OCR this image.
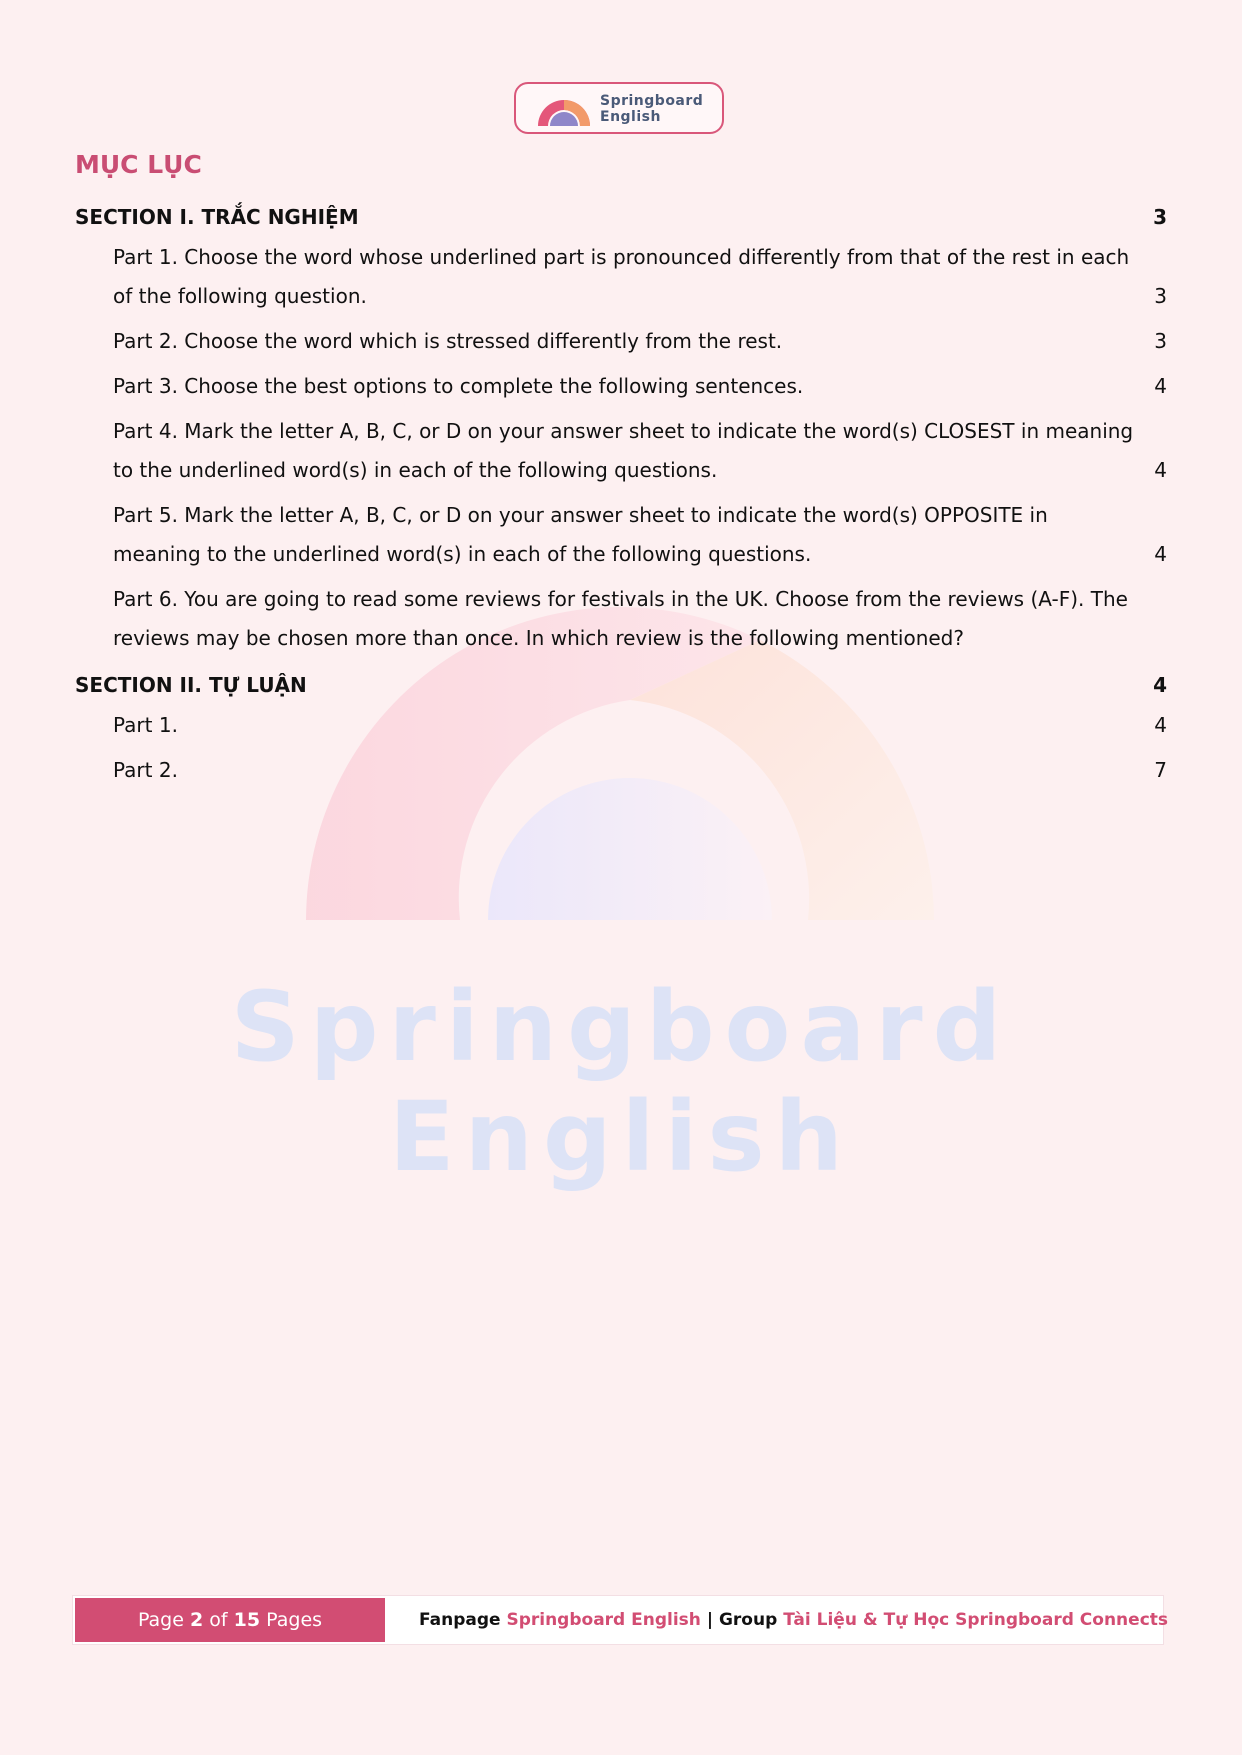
Springboard
English
Springboard
English
MỤC LỤC
SECTION I. TRẮC NGHIỆM	3
Part 1. Choose the word whose underlined part is pronounced differently from that of the rest in each of the following question.	3
Part 2. Choose the word which is stressed differently from the rest.	3
Part 3. Choose the best options to complete the following sentences.	4
Part 4. Mark the letter A, B, C, or D on your answer sheet to indicate the word(s) CLOSEST in meaning to the underlined word(s) in each of the following questions.	4
Part 5. Mark the letter A, B, C, or D on your answer sheet to indicate the word(s) OPPOSITE in meaning to the underlined word(s) in each of the following questions.	4
Part 6. You are going to read some reviews for festivals in the UK. Choose from the reviews (A-F). The reviews may be chosen more than once. In which review is the following mentioned?
SECTION II. TỰ LUẬN	4
Part 1.	4
Part 2.	7
Page 2 of 15 Pages	Fanpage Springboard English | Group Tài Liệu & Tự Học Springboard Connects
